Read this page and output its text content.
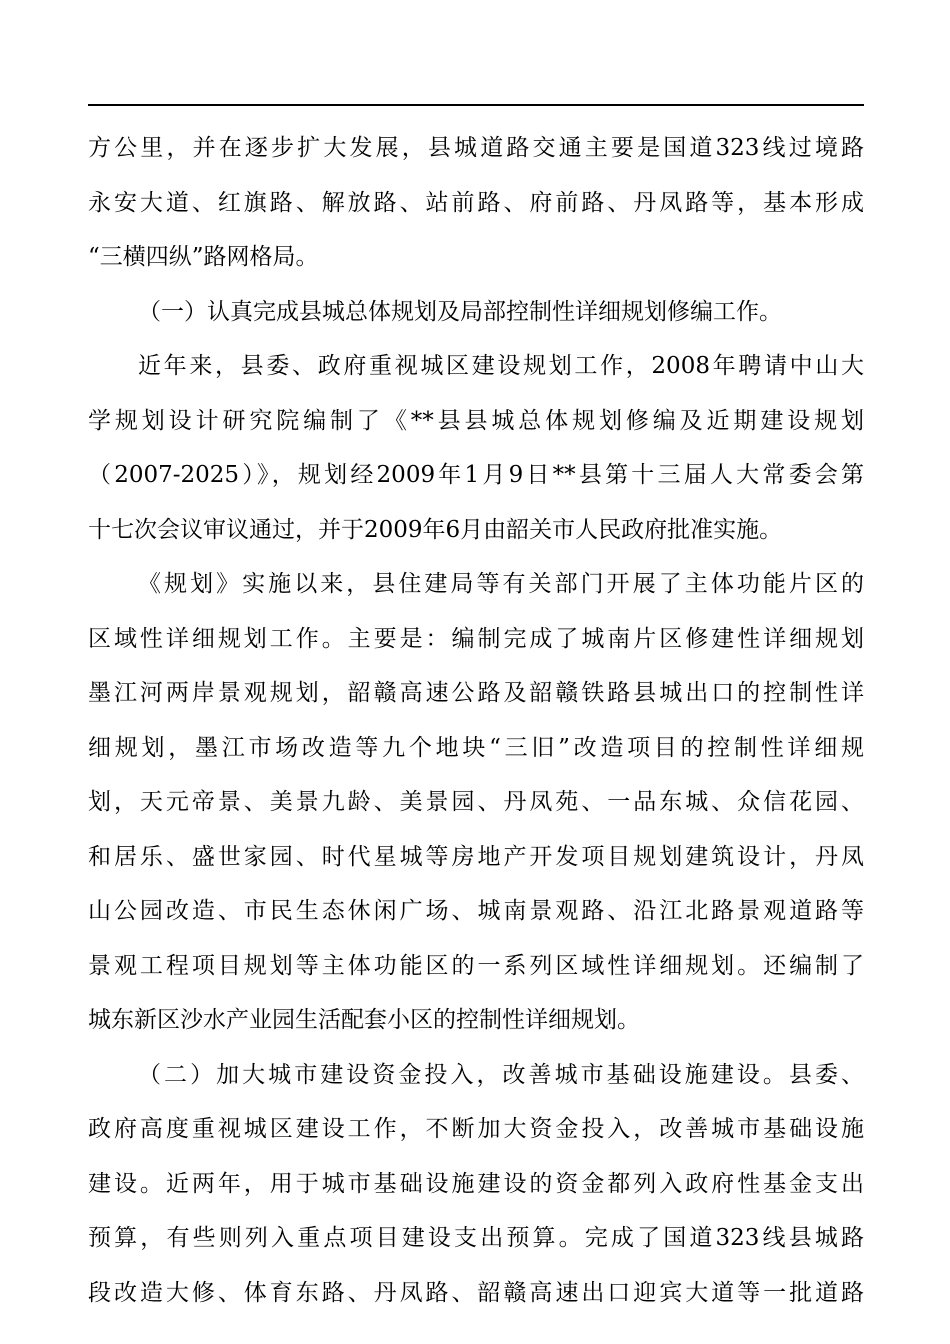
方公里，并在逐步扩大发展，县城道路交通主要是国道323线过境路
永安大道、红旗路、解放路、站前路、府前路、丹凤路等，基本形成
“三横四纵”路网格局。
（一）认真完成县城总体规划及局部控制性详细规划修编工作。
近年来，县委、政府重视城区建设规划工作，2008年聘请中山大
学规划设计研究院编制了《**县县城总体规划修编及近期建设规划
（2007-2025）》，规划经2009年1月9日**县第十三届人大常委会第
十七次会议审议通过，并于2009年6月由韶关市人民政府批准实施。
《规划》实施以来，县住建局等有关部门开展了主体功能片区的
区域性详细规划工作。主要是：编制完成了城南片区修建性详细规划
墨江河两岸景观规划，韶赣高速公路及韶赣铁路县城出口的控制性详
细规划，墨江市场改造等九个地块“三旧”改造项目的控制性详细规
划，天元帝景、美景九龄、美景园、丹凤苑、一品东城、众信花园、
和居乐、盛世家园、时代星城等房地产开发项目规划建筑设计，丹凤
山公园改造、市民生态休闲广场、城南景观路、沿江北路景观道路等
景观工程项目规划等主体功能区的一系列区域性详细规划。还编制了
城东新区沙水产业园生活配套小区的控制性详细规划。
（二）加大城市建设资金投入，改善城市基础设施建设。县委、
政府高度重视城区建设工作，不断加大资金投入，改善城市基础设施
建设。近两年，用于城市基础设施建设的资金都列入政府性基金支出
预算，有些则列入重点项目建设支出预算。完成了国道323线县城路
段改造大修、体育东路、丹凤路、韶赣高速出口迎宾大道等一批道路
